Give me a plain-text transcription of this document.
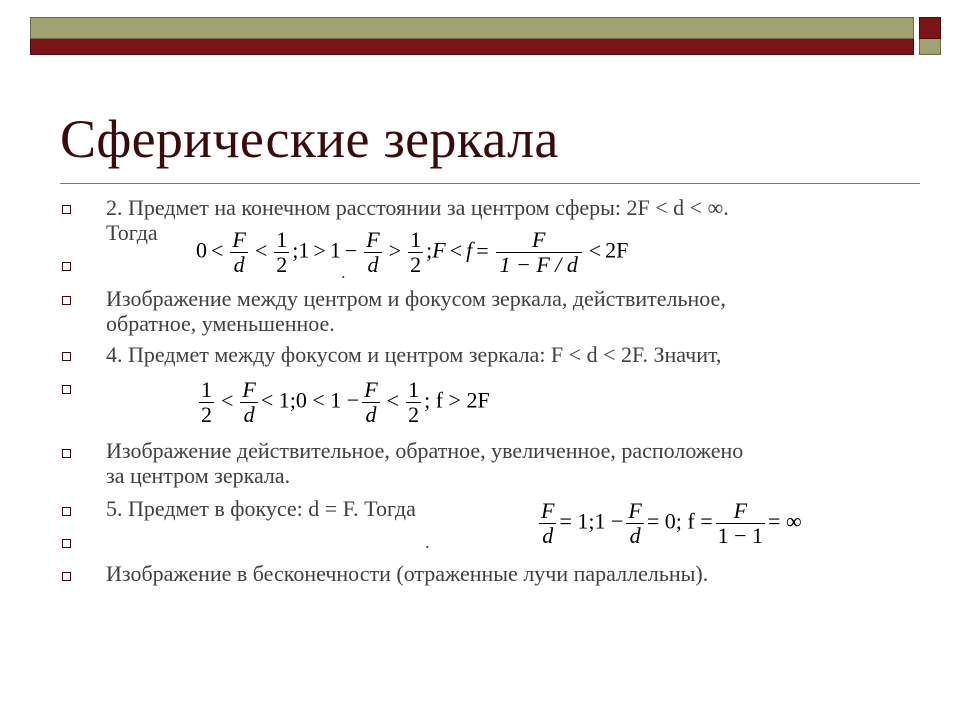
Сферические зеркала
2. Предмет на конечном расстоянии за центром сферы: 2F < d < ∞.
Тогда
Изображение между центром и фокусом зеркала, действительное,
обратное, уменьшенное.
4. Предмет между фокусом и центром зеркала: F < d < 2F. Значит,
Изображение действительное, обратное, увеличенное, расположено
за центром зеркала.
5. Предмет в фокусе: d = F. Тогда
Изображение в бесконечности (отраженные лучи параллельны).
$0 < \frac{F}{d} < \frac{1}{2}$ ;1 > $1 - \frac{F}{d} > \frac{1}{2}$ ;F < $f = \frac{F}{1 - F / d} < 2F$
.
$\frac{1}{2} < \frac{F}{d}$ < 1;0 < $1 - \frac{F}{d} < \frac{1}{2}$ ; f > 2F
$\frac{F}{d}$ = 1;1 − $\frac{F}{d} = 0$; $f = \frac{F}{1 - 1}$ = ∞
.
